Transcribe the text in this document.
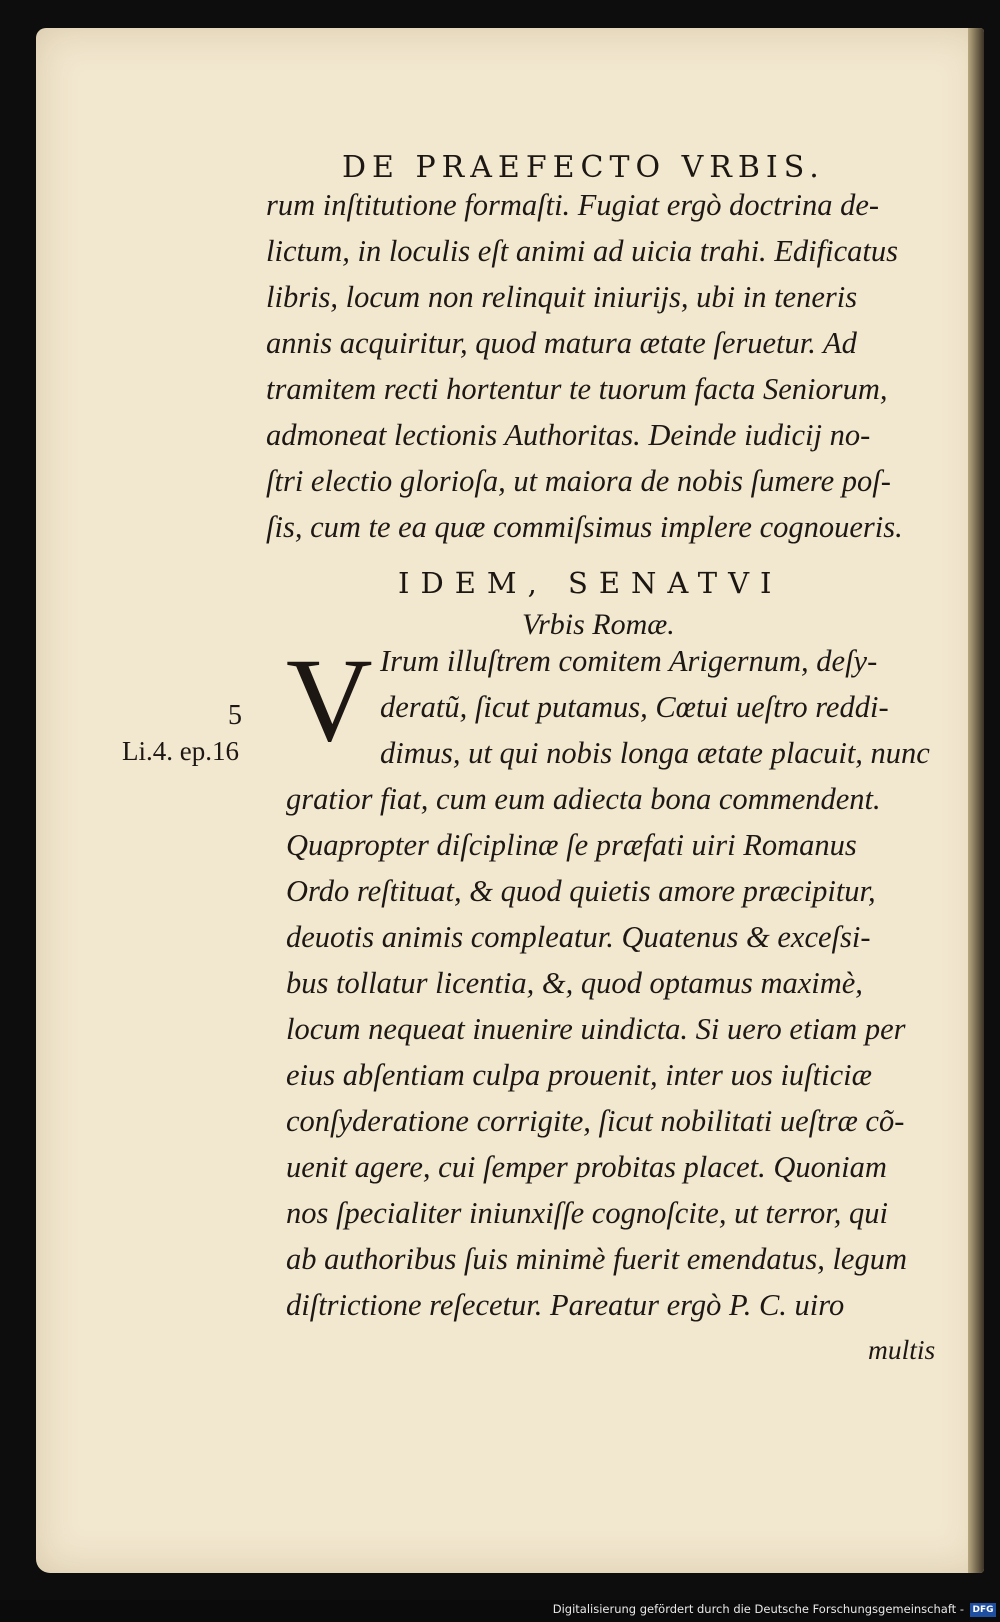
DE PRAEFECTO VRBIS.
rum inſtitutione formaſti. Fugiat ergò doctrina de-
lictum, in loculis eſt animi ad uicia trahi. Edificatus
libris, locum non relinquit iniurijs, ubi in teneris
annis acquiritur, quod matura ætate ſeruetur. Ad
tramitem recti hortentur te tuorum facta Seniorum,
admoneat lectionis Authoritas. Deinde iudicij no-
ſtri electio glorioſa, ut maiora de nobis ſumere poſ-
ſis, cum te ea quæ commiſsimus implere cognoueris.
IDEM, SENATVI
Vrbis Romæ.
V
5
Li.4. ep.16
Irum illuſtrem comitem Arigernum, deſy-
deratũ, ſicut putamus, Cœtui ueſtro reddi-
dimus, ut qui nobis longa ætate placuit, nunc
gratior fiat, cum eum adiecta bona commendent.
Quapropter diſciplinæ ſe præfati uiri Romanus
Ordo reſtituat, & quod quietis amore præcipitur,
deuotis animis compleatur. Quatenus & exceſsi-
bus tollatur licentia, &, quod optamus maximè,
locum nequeat inuenire uindicta. Si uero etiam per
eius abſentiam culpa prouenit, inter uos iuſticiæ
conſyderatione corrigite, ſicut nobilitati ueſtræ cõ-
uenit agere, cui ſemper probitas placet. Quoniam
nos ſpecialiter iniunxiſſe cognoſcite, ut terror, qui
ab authoribus ſuis minimè fuerit emendatus, legum
diſtrictione reſecetur. Pareatur ergò P. C. uiro
multis
Digitalisierung gefördert durch die Deutsche Forschungsgemeinschaft - DFG
